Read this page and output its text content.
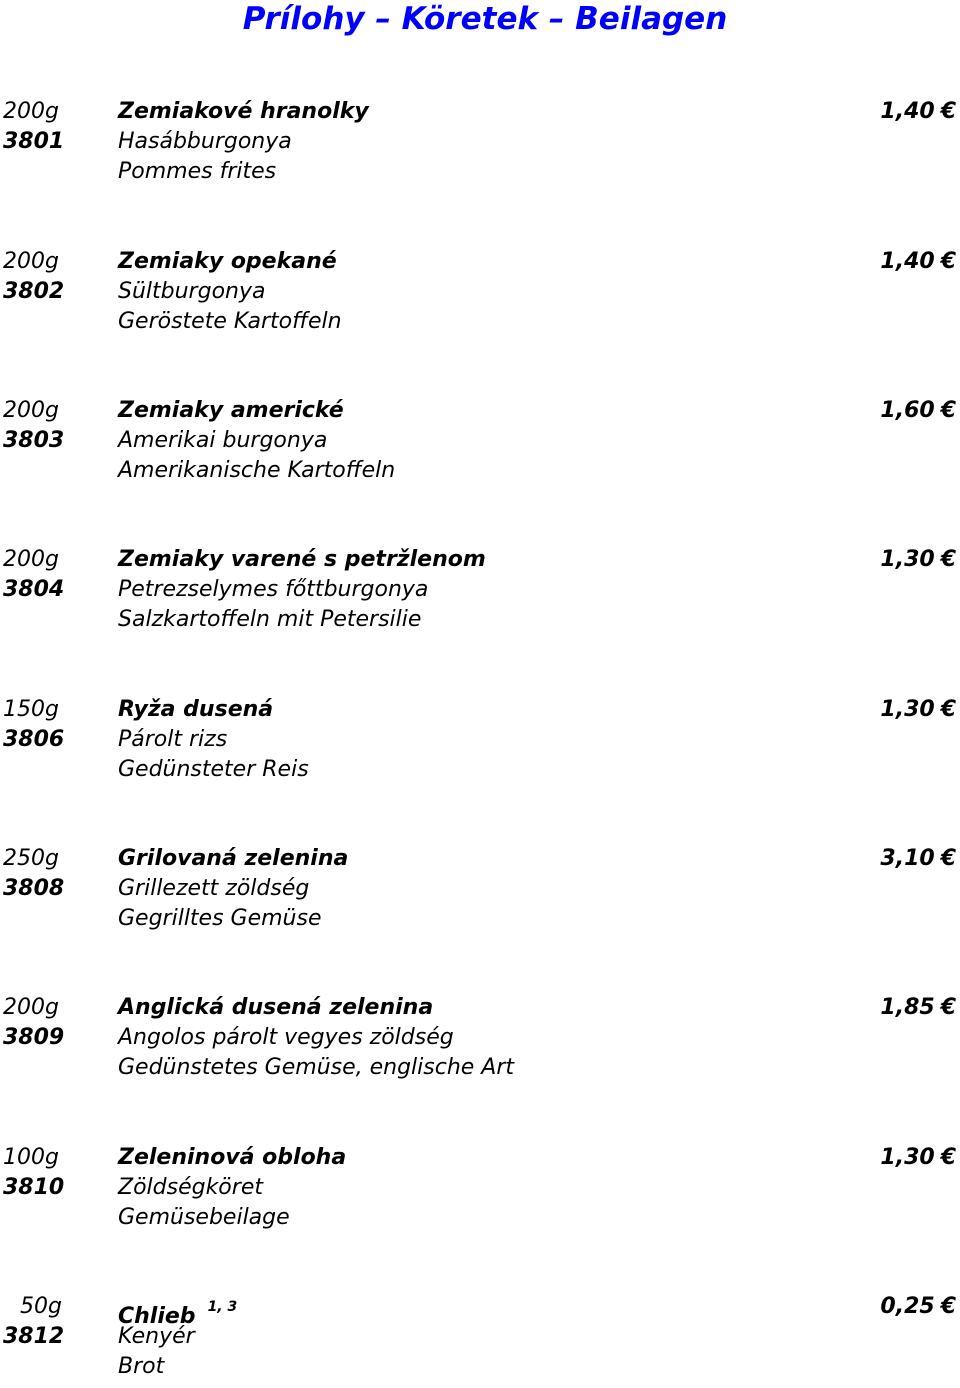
Prílohy – Köretek – Beilagen
200g
3801
Zemiakové hranolky
Hasábburgonya
Pommes frites
1,40 €
200g
3802
Zemiaky opekané
Sültburgonya
Geröstete Kartoffeln
1,40 €
200g
3803
Zemiaky americké
Amerikai burgonya
Amerikanische Kartoffeln
1,60 €
200g
3804
Zemiaky varené s petržlenom
Petrezselymes főttburgonya
Salzkartoffeln mit Petersilie
1,30 €
150g
3806
Ryža dusená
Párolt rizs
Gedünsteter Reis
1,30 €
250g
3808
Grilovaná zelenina
Grillezett zöldség
Gegrilltes Gemüse
3,10 €
200g
3809
Anglická dusená zelenina
Angolos párolt vegyes zöldség
Gedünstetes Gemüse, englische Art
1,85 €
100g
3810
Zeleninová obloha
Zöldségköret
Gemüsebeilage
1,30 €
50g
3812
Chlieb $^{1, 3}$
Kenyér
Brot
0,25 €
